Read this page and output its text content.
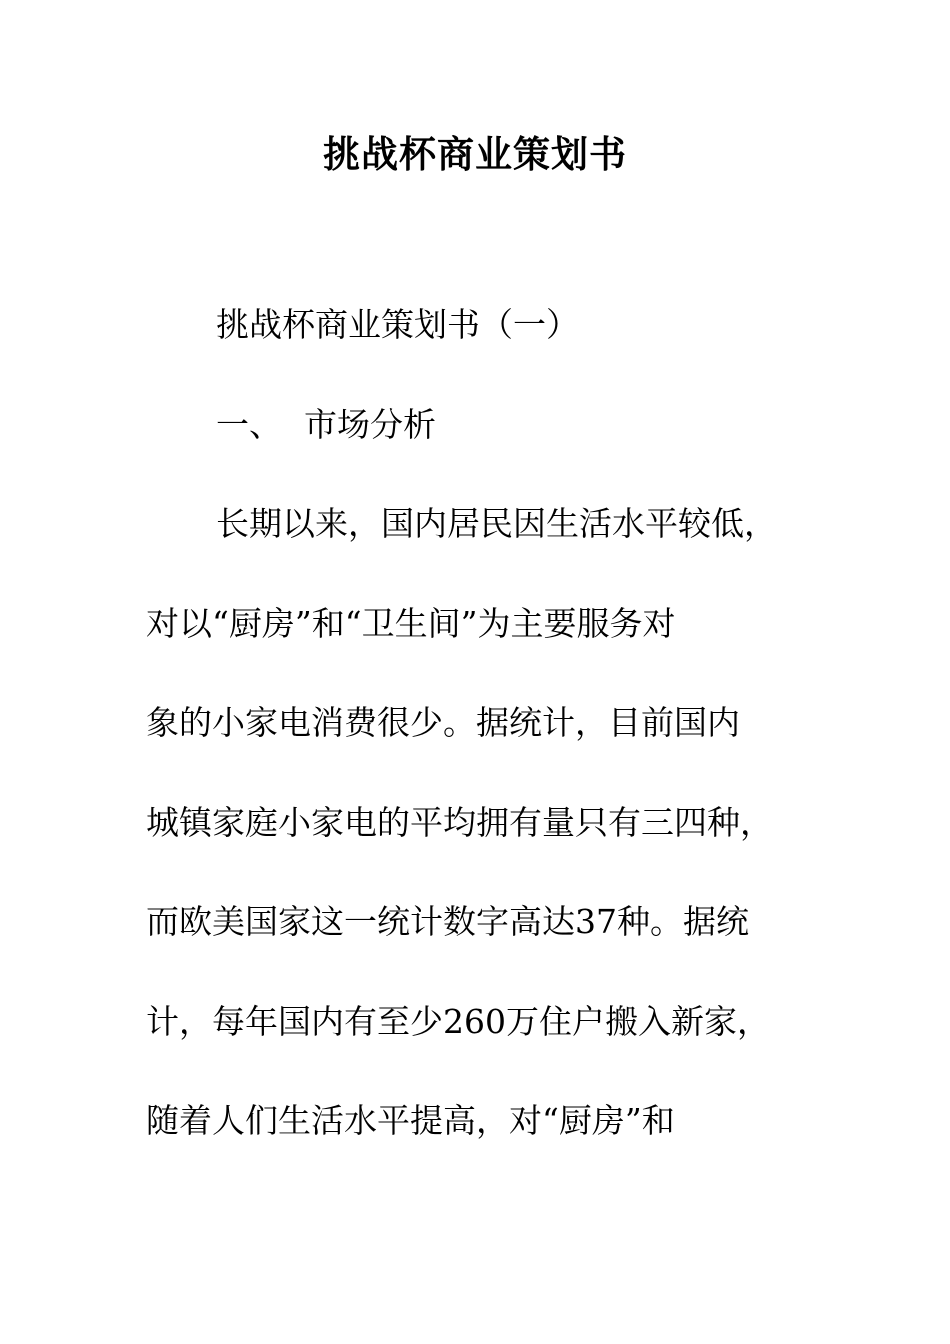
挑战杯商业策划书
挑战杯商业策划书（一）
一、 市场分析
长期以来，国内居民因生活水平较低，
对以“厨房”和“卫生间”为主要服务对
象的小家电消费很少。据统计，目前国内
城镇家庭小家电的平均拥有量只有三四种，
而欧美国家这一统计数字高达37种。据统
计，每年国内有至少260万住户搬入新家，
随着人们生活水平提高，对“厨房”和
